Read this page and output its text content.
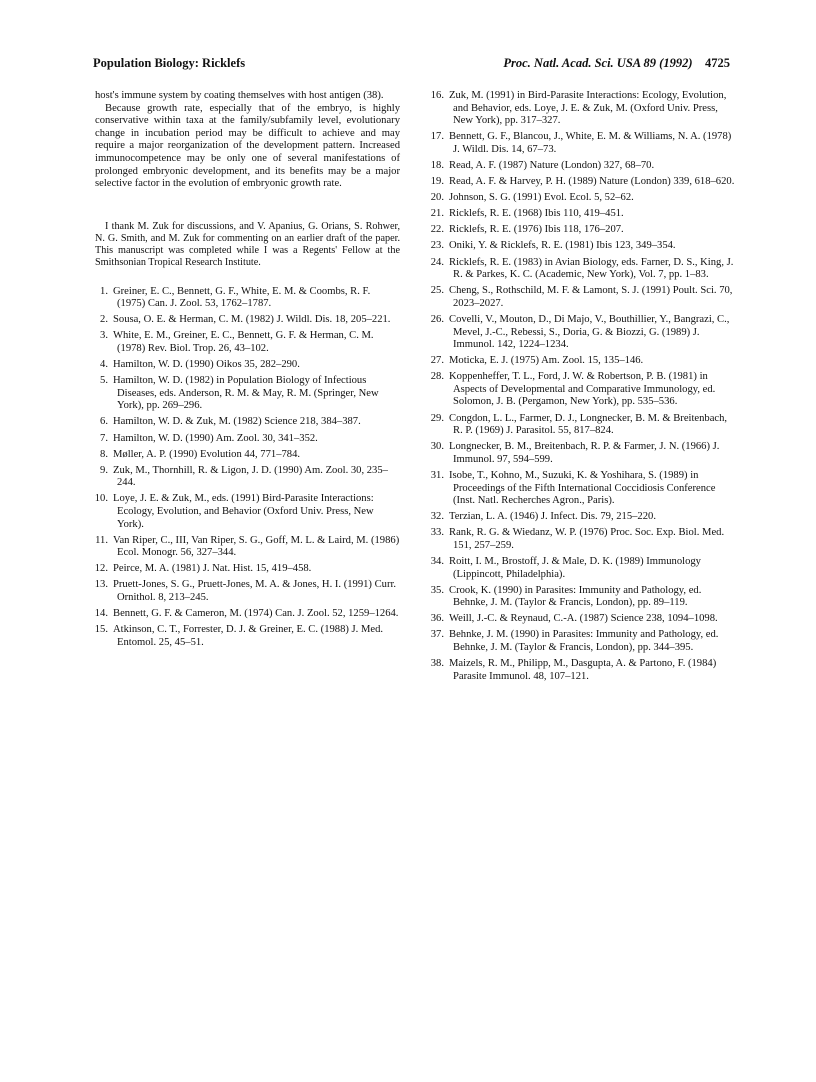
Population Biology: Ricklefs	Proc. Natl. Acad. Sci. USA 89 (1992) 4725

host's immune system by coating themselves with host antigen (38).

Because growth rate, especially that of the embryo, is highly conservative within taxa at the family/subfamily level, evolutionary change in incubation period may be difficult to achieve and may require a major reorganization of the development pattern. Increased immunocompetence may be only one of several manifestations of prolonged embryonic development, and its benefits may be a major selective factor in the evolution of embryonic growth rate.

I thank M. Zuk for discussions, and V. Apanius, G. Orians, S. Rohwer, N. G. Smith, and M. Zuk for commenting on an earlier draft of the paper. This manuscript was completed while I was a Regents' Fellow at the Smithsonian Tropical Research Institute.

1. Greiner, E. C., Bennett, G. F., White, E. M. & Coombs, R. F. (1975) Can. J. Zool. 53, 1762–1787.
2. Sousa, O. E. & Herman, C. M. (1982) J. Wildl. Dis. 18, 205–221.
3. White, E. M., Greiner, E. C., Bennett, G. F. & Herman, C. M. (1978) Rev. Biol. Trop. 26, 43–102.
4. Hamilton, W. D. (1990) Oikos 35, 282–290.
5. Hamilton, W. D. (1982) in Population Biology of Infectious Diseases, eds. Anderson, R. M. & May, R. M. (Springer, New York), pp. 269–296.
6. Hamilton, W. D. & Zuk, M. (1982) Science 218, 384–387.
7. Hamilton, W. D. (1990) Am. Zool. 30, 341–352.
8. Møller, A. P. (1990) Evolution 44, 771–784.
9. Zuk, M., Thornhill, R. & Ligon, J. D. (1990) Am. Zool. 30, 235–244.
10. Loye, J. E. & Zuk, M., eds. (1991) Bird-Parasite Interactions: Ecology, Evolution, and Behavior (Oxford Univ. Press, New York).
11. Van Riper, C., III, Van Riper, S. G., Goff, M. L. & Laird, M. (1986) Ecol. Monogr. 56, 327–344.
12. Peirce, M. A. (1981) J. Nat. Hist. 15, 419–458.
13. Pruett-Jones, S. G., Pruett-Jones, M. A. & Jones, H. I. (1991) Curr. Ornithol. 8, 213–245.
14. Bennett, G. F. & Cameron, M. (1974) Can. J. Zool. 52, 1259–1264.
15. Atkinson, C. T., Forrester, D. J. & Greiner, E. C. (1988) J. Med. Entomol. 25, 45–51.
16. Zuk, M. (1991) in Bird-Parasite Interactions: Ecology, Evolution, and Behavior, eds. Loye, J. E. & Zuk, M. (Oxford Univ. Press, New York), pp. 317–327.
17. Bennett, G. F., Blancou, J., White, E. M. & Williams, N. A. (1978) J. Wildl. Dis. 14, 67–73.
18. Read, A. F. (1987) Nature (London) 327, 68–70.
19. Read, A. F. & Harvey, P. H. (1989) Nature (London) 339, 618–620.
20. Johnson, S. G. (1991) Evol. Ecol. 5, 52–62.
21. Ricklefs, R. E. (1968) Ibis 110, 419–451.
22. Ricklefs, R. E. (1976) Ibis 118, 176–207.
23. Oniki, Y. & Ricklefs, R. E. (1981) Ibis 123, 349–354.
24. Ricklefs, R. E. (1983) in Avian Biology, eds. Farner, D. S., King, J. R. & Parkes, K. C. (Academic, New York), Vol. 7, pp. 1–83.
25. Cheng, S., Rothschild, M. F. & Lamont, S. J. (1991) Poult. Sci. 70, 2023–2027.
26. Covelli, V., Mouton, D., Di Majo, V., Bouthillier, Y., Bangrazi, C., Mevel, J.-C., Rebessi, S., Doria, G. & Biozzi, G. (1989) J. Immunol. 142, 1224–1234.
27. Moticka, E. J. (1975) Am. Zool. 15, 135–146.
28. Koppenheffer, T. L., Ford, J. W. & Robertson, P. B. (1981) in Aspects of Developmental and Comparative Immunology, ed. Solomon, J. B. (Pergamon, New York), pp. 535–536.
29. Congdon, L. L., Farmer, D. J., Longnecker, B. M. & Breitenbach, R. P. (1969) J. Parasitol. 55, 817–824.
30. Longnecker, B. M., Breitenbach, R. P. & Farmer, J. N. (1966) J. Immunol. 97, 594–599.
31. Isobe, T., Kohno, M., Suzuki, K. & Yoshihara, S. (1989) in Proceedings of the Fifth International Coccidiosis Conference (Inst. Natl. Recherches Agron., Paris).
32. Terzian, L. A. (1946) J. Infect. Dis. 79, 215–220.
33. Rank, R. G. & Wiedanz, W. P. (1976) Proc. Soc. Exp. Biol. Med. 151, 257–259.
34. Roitt, I. M., Brostoff, J. & Male, D. K. (1989) Immunology (Lippincott, Philadelphia).
35. Crook, K. (1990) in Parasites: Immunity and Pathology, ed. Behnke, J. M. (Taylor & Francis, London), pp. 89–119.
36. Weill, J.-C. & Reynaud, C.-A. (1987) Science 238, 1094–1098.
37. Behnke, J. M. (1990) in Parasites: Immunity and Pathology, ed. Behnke, J. M. (Taylor & Francis, London), pp. 344–395.
38. Maizels, R. M., Philipp, M., Dasgupta, A. & Partono, F. (1984) Parasite Immunol. 48, 107–121.
